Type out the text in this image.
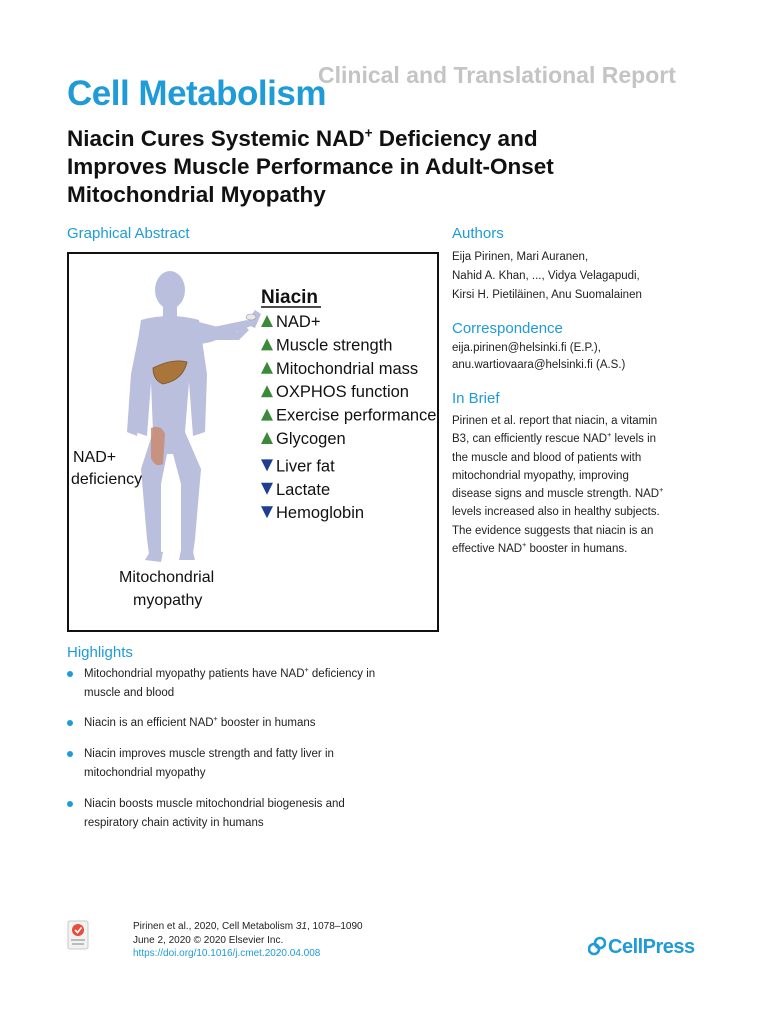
Cell Metabolism
Clinical and Translational Report
Niacin Cures Systemic NAD+ Deficiency and
Improves Muscle Performance in Adult-Onset
Mitochondrial Myopathy
Graphical Abstract
Niacin
NAD+
Muscle strength
Mitochondrial mass
OXPHOS function
Exercise performance
Glycogen
Liver fat
Lactate
Hemoglobin
NAD+
deficiency
Mitochondrial
myopathy
Authors
Eija Pirinen, Mari Auranen,
Nahid A. Khan, ..., Vidya Velagapudi,
Kirsi H. Pietiläinen, Anu Suomalainen
Correspondence
eija.pirinen@helsinki.fi (E.P.),
anu.wartiovaara@helsinki.fi (A.S.)
In Brief
Pirinen et al. report that niacin, a vitamin
B3, can efficiently rescue NAD+ levels in
the muscle and blood of patients with
mitochondrial myopathy, improving
disease signs and muscle strength. NAD+
levels increased also in healthy subjects.
The evidence suggests that niacin is an
effective NAD+ booster in humans.
Highlights
Mitochondrial myopathy patients have NAD+ deficiency in
muscle and blood
Niacin is an efficient NAD+ booster in humans
Niacin improves muscle strength and fatty liver in
mitochondrial myopathy
Niacin boosts muscle mitochondrial biogenesis and
respiratory chain activity in humans
Pirinen et al., 2020, Cell Metabolism 31, 1078–1090
June 2, 2020 © 2020 Elsevier Inc.
https://doi.org/10.1016/j.cmet.2020.04.008	CellPress
